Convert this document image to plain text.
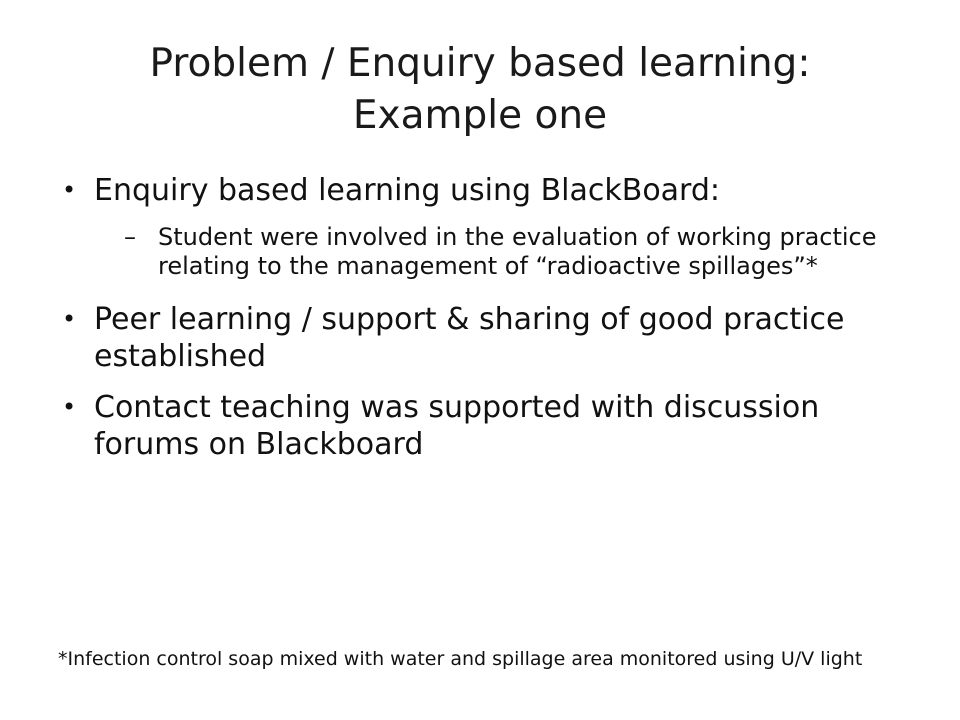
Problem / Enquiry based learning:
Example one
• Enquiry based learning using BlackBoard:
– Student were involved in the evaluation of working practice relating to the management of “radioactive spillages”*
• Peer learning / support & sharing of good practice established
• Contact teaching was supported with discussion forums on Blackboard
*Infection control soap mixed with water and spillage area monitored using U/V light
